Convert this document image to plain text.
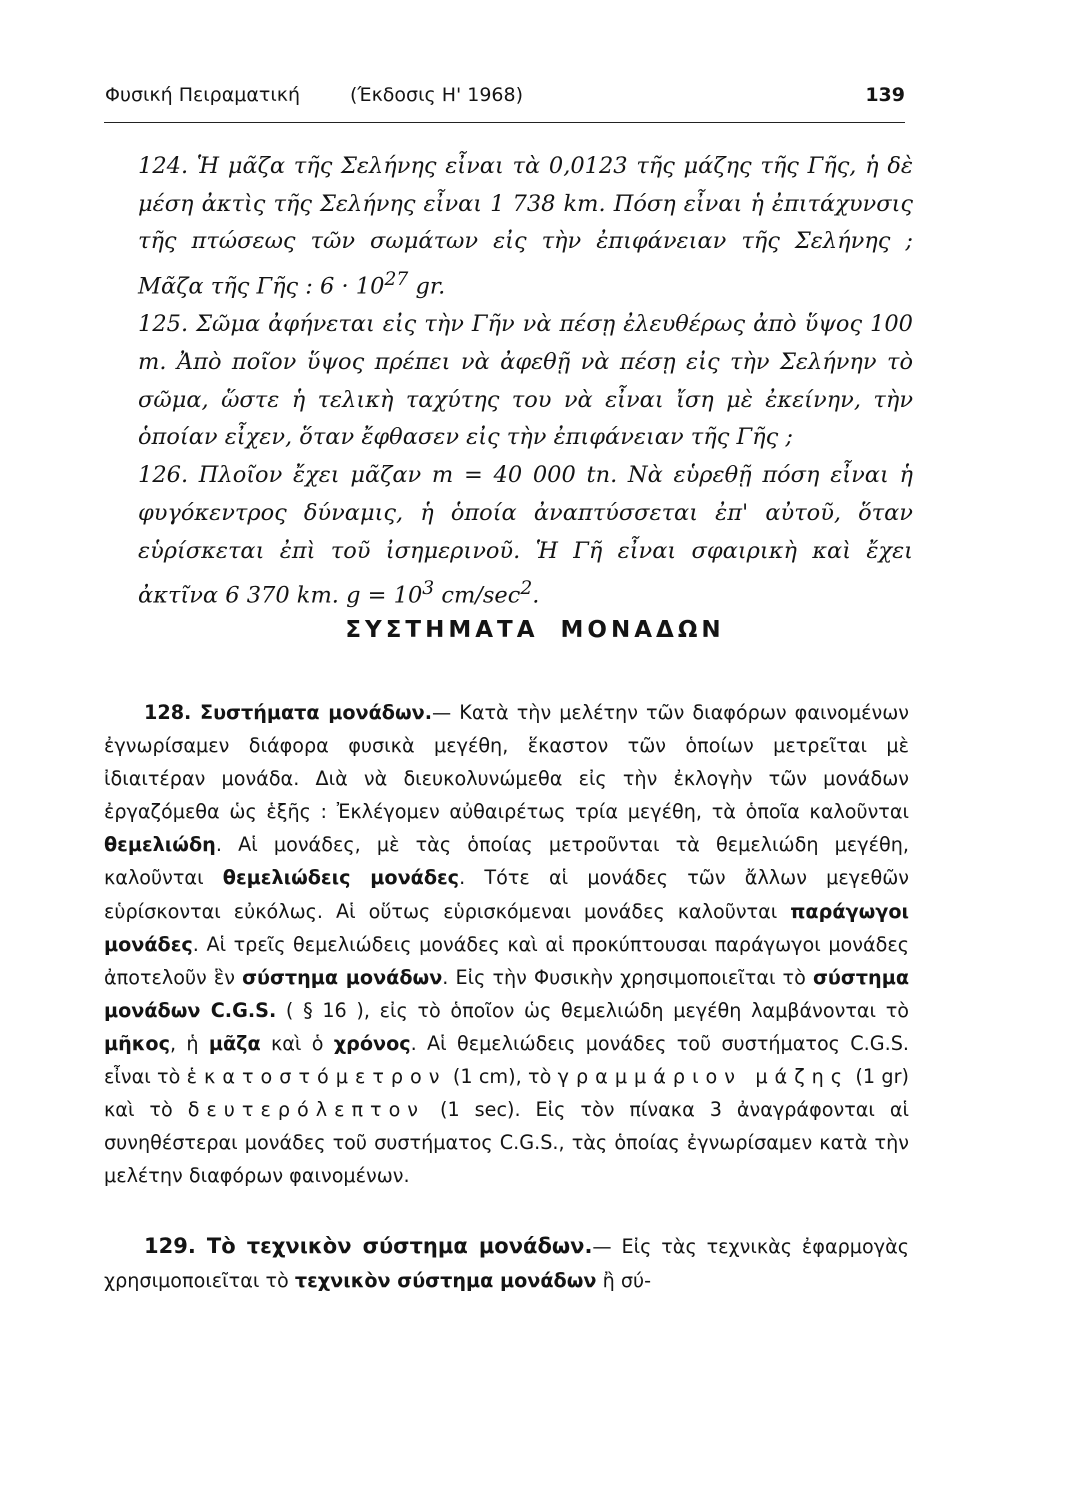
Φυσική Πειραματική	(Έκδοσις Η' 1968)	139

124. Ἡ μᾶζα τῆς Σελήνης εἶναι τὰ 0,0123 τῆς μάζης τῆς Γῆς, ἡ δὲ μέση ἀκτὶς τῆς Σελήνης εἶναι 1 738 km. Πόση εἶναι ἡ ἐπιτάχυνσις τῆς πτώσεως τῶν σωμάτων εἰς τὴν ἐπιφάνειαν τῆς Σελήνης ; Μᾶζα τῆς Γῆς : $6 \cdot 10^{27}$ gr.

125. Σῶμα ἀφήνεται εἰς τὴν Γῆν νὰ πέσῃ ἐλευθέρως ἀπὸ ὕψος 100 m. Ἀπὸ ποῖον ὕψος πρέπει νὰ ἀφεθῇ νὰ πέσῃ εἰς τὴν Σελήνην τὸ σῶμα, ὥστε ἡ τελικὴ ταχύτης του νὰ εἶναι ἴση μὲ ἐκείνην, τὴν ὁποίαν εἶχεν, ὅταν ἔφθασεν εἰς τὴν ἐπιφάνειαν τῆς Γῆς ;

126. Πλοῖον ἔχει μᾶζαν m = 40 000 tn. Νὰ εὑρεθῇ πόση εἶναι ἡ φυγόκεντρος δύναμις, ἡ ὁποία ἀναπτύσσεται ἐπ' αὐτοῦ, ὅταν εὑρίσκεται ἐπὶ τοῦ ἰσημερινοῦ. Ἡ Γῆ εἶναι σφαιρικὴ καὶ ἔχει ἀκτῖνα 6 370 km. $g = 10^3$ $cm/\sec^2$.

ΣΥΣΤΗΜΑΤΑ ΜΟΝΑΔΩΝ

128. Συστήματα μονάδων.— Κατὰ τὴν μελέτην τῶν διαφόρων φαινομένων ἐγνωρίσαμεν διάφορα φυσικὰ μεγέθη, ἕκαστον τῶν ὁποίων μετρεῖται μὲ ἰδιαιτέραν μονάδα. Διὰ νὰ διευκολυνώμεθα εἰς τὴν ἐκλογὴν τῶν μονάδων ἐργαζόμεθα ὡς ἑξῆς : Ἐκλέγομεν αὐθαιρέτως τρία μεγέθη, τὰ ὁποῖα καλοῦνται θεμελιώδη. Αἱ μονάδες, μὲ τὰς ὁποίας μετροῦνται τὰ θεμελιώδη μεγέθη, καλοῦνται θεμελιώδεις μονάδες. Τότε αἱ μονάδες τῶν ἄλλων μεγεθῶν εὑρίσκονται εὐκόλως. Αἱ οὕτως εὑρισκόμεναι μονάδες καλοῦνται παράγωγοι μονάδες. Αἱ τρεῖς θεμελιώδεις μονάδες καὶ αἱ προκύπτουσαι παράγωγοι μονάδες ἀποτελοῦν ἓν σύστημα μονάδων. Εἰς τὴν Φυσικὴν χρησιμοποιεῖται τὸ σύστημα μονάδων C.G.S. ( § 16 ), εἰς τὸ ὁποῖον ὡς θεμελιώδη μεγέθη λαμβάνονται τὸ μῆκος, ἡ μᾶζα καὶ ὁ χρόνος. Αἱ θεμελιώδεις μονάδες τοῦ συστήματος C.G.S. εἶναι τὸ ἑκατοστόμετρον (1 cm), τὸ γραμμάριον μάζης (1 gr) καὶ τὸ δευτερόλεπτον (1 sec). Εἰς τὸν πίνακα 3 ἀναγράφονται αἱ συνηθέστεραι μονάδες τοῦ συστήματος C.G.S., τὰς ὁποίας ἐγνωρίσαμεν κατὰ τὴν μελέτην διαφόρων φαινομένων.

129. Τὸ τεχνικὸν σύστημα μονάδων.— Εἰς τὰς τεχνικὰς ἐφαρμογὰς χρησιμοποιεῖται τὸ τεχνικὸν σύστημα μονάδων ἢ σύ-
